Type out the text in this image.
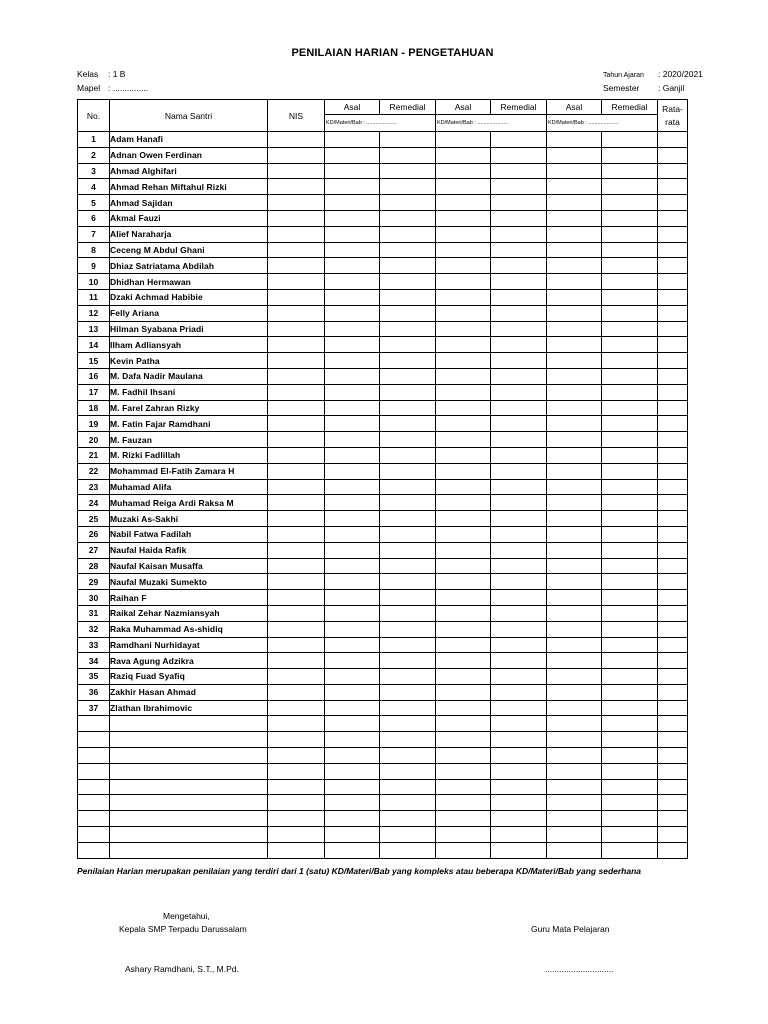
PENILAIAN HARIAN - PENGETAHUAN
Kelas : 1 B
Mapel : ...............
Tahun Ajaran : 2020/2021
Semester : Ganjil
No.	Nama Santri	NIS	Asal	Remedial	Asal	Remedial	Asal	Remedial	Rata-
rata

			KD/Materi/Bab : ....................		KD/Materi/Bab : ....................		KD/Materi/Bab : ....................		
1	Adam Hanafi								
2	Adnan Owen Ferdinan								
3	Ahmad Alghifari								
4	Ahmad Rehan Miftahul Rizki								
5	Ahmad Sajidan								
6	Akmal Fauzi								
7	Alief Naraharja								
8	Ceceng M Abdul Ghani								
9	Dhiaz Satriatama Abdilah								
10	Dhidhan Hermawan								
11	Dzaki Achmad Habibie								
12	Felly Ariana								
13	Hilman Syabana Priadi								
14	Ilham Adliansyah								
15	Kevin Patha								
16	M. Dafa Nadir Maulana								
17	M. Fadhil Ihsani								
18	M. Farel Zahran Rizky								
19	M. Fatin Fajar Ramdhani								
20	M. Fauzan								
21	M. Rizki Fadlillah								
22	Mohammad El-Fatih Zamara H								
23	Muhamad Alifa								
24	Muhamad Reiga Ardi Raksa M								
25	Muzaki As-Sakhi								
26	Nabil Fatwa Fadilah								
27	Naufal Haida Rafik								
28	Naufal Kaisan Musaffa								
29	Naufal Muzaki Sumekto								
30	Raihan F								
31	Raikal Zehar Nazmiansyah								
32	Raka Muhammad As-shidiq								
33	Ramdhani Nurhidayat								
34	Rava Agung Adzikra								
35	Raziq Fuad Syafiq								
36	Zakhir Hasan Ahmad								
37	Zlathan Ibrahimovic								

Penilaian Harian merupakan penilaian yang terdiri dari 1 (satu) KD/Materi/Bab yang kompleks atau beberapa KD/Materi/Bab yang sederhana
Mengetahui,
Kepala SMP Terpadu Darussalam
Ashary Ramdhani, S.T., M.Pd.
Guru Mata Pelajaran
.............................
